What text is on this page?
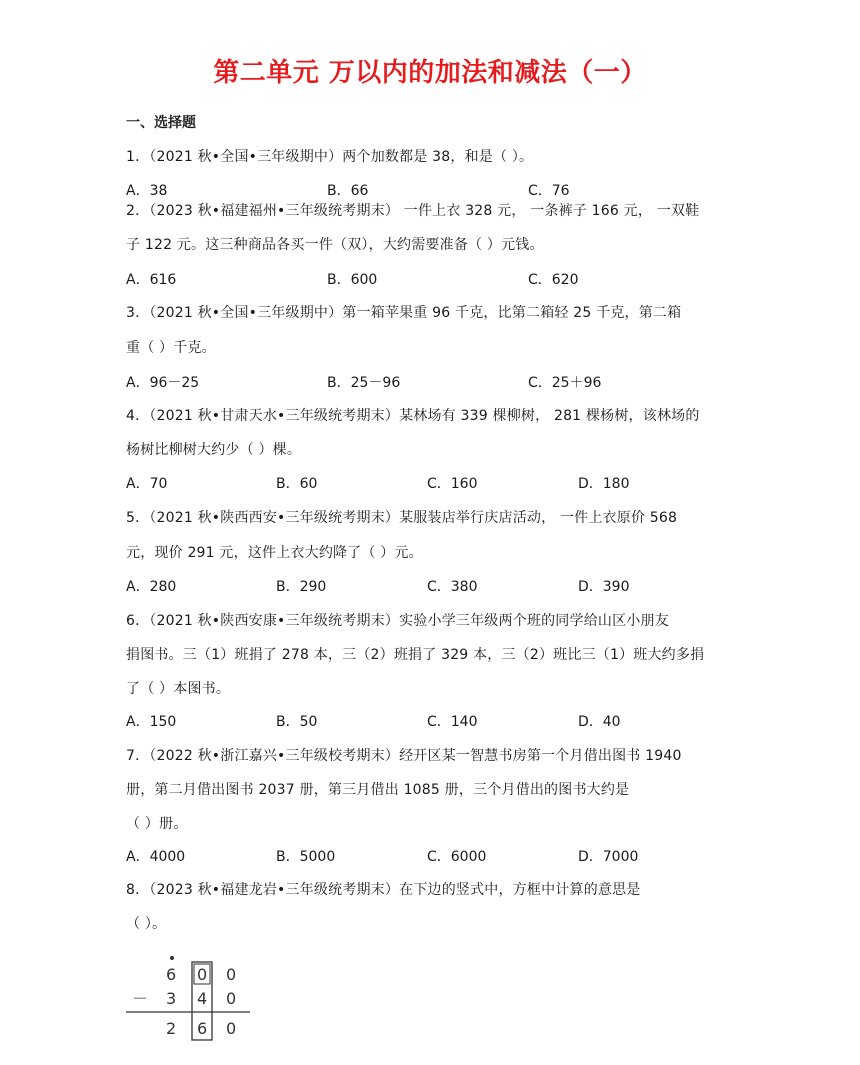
第二单元 万以内的加法和减法（一）
一、选择题
1．（2021 秋•全国•三年级期中）两个加数都是 38，和是（ ）。
A．38	B．66	C．76
2．（2023 秋•福建福州•三年级统考期末） 一件上衣 328 元， 一条裤子 166 元， 一双鞋
子 122 元。这三种商品各买一件（双），大约需要准备（ ）元钱。
A．616	B．600	C．620
3．（2021 秋•全国•三年级期中）第一箱苹果重 96 千克，比第二箱轻 25 千克，第二箱
重（ ）千克。
A．96－25	B．25－96	C．25＋96
4．（2021 秋•甘肃天水•三年级统考期末）某林场有 339 棵柳树， 281 棵杨树，该林场的
杨树比柳树大约少（ ）棵。
A．70	B．60	C．160	D．180
5．（2021 秋•陕西西安•三年级统考期末）某服装店举行庆店活动， 一件上衣原价 568
元，现价 291 元，这件上衣大约降了（ ）元。
A．280	B．290	C．380	D．390
6．（2021 秋•陕西安康•三年级统考期末）实验小学三年级两个班的同学给山区小朋友
捐图书。三（1）班捐了 278 本，三（2）班捐了 329 本，三（2）班比三（1）班大约多捐
了（ ）本图书。
A．150	B．50	C．140	D．40
7．（2022 秋•浙江嘉兴•三年级校考期末）经开区某一智慧书房第一个月借出图书 1940
册，第二月借出图书 2037 册，第三月借出 1085 册，三个月借出的图书大约是
（ ）册。
A．4000	B．5000	C．6000	D．7000
8．（2023 秋•福建龙岩•三年级统考期末）在下边的竖式中，方框中计算的意思是
（ ）。
6 0 0
－ 3 4 0
2 6 0
